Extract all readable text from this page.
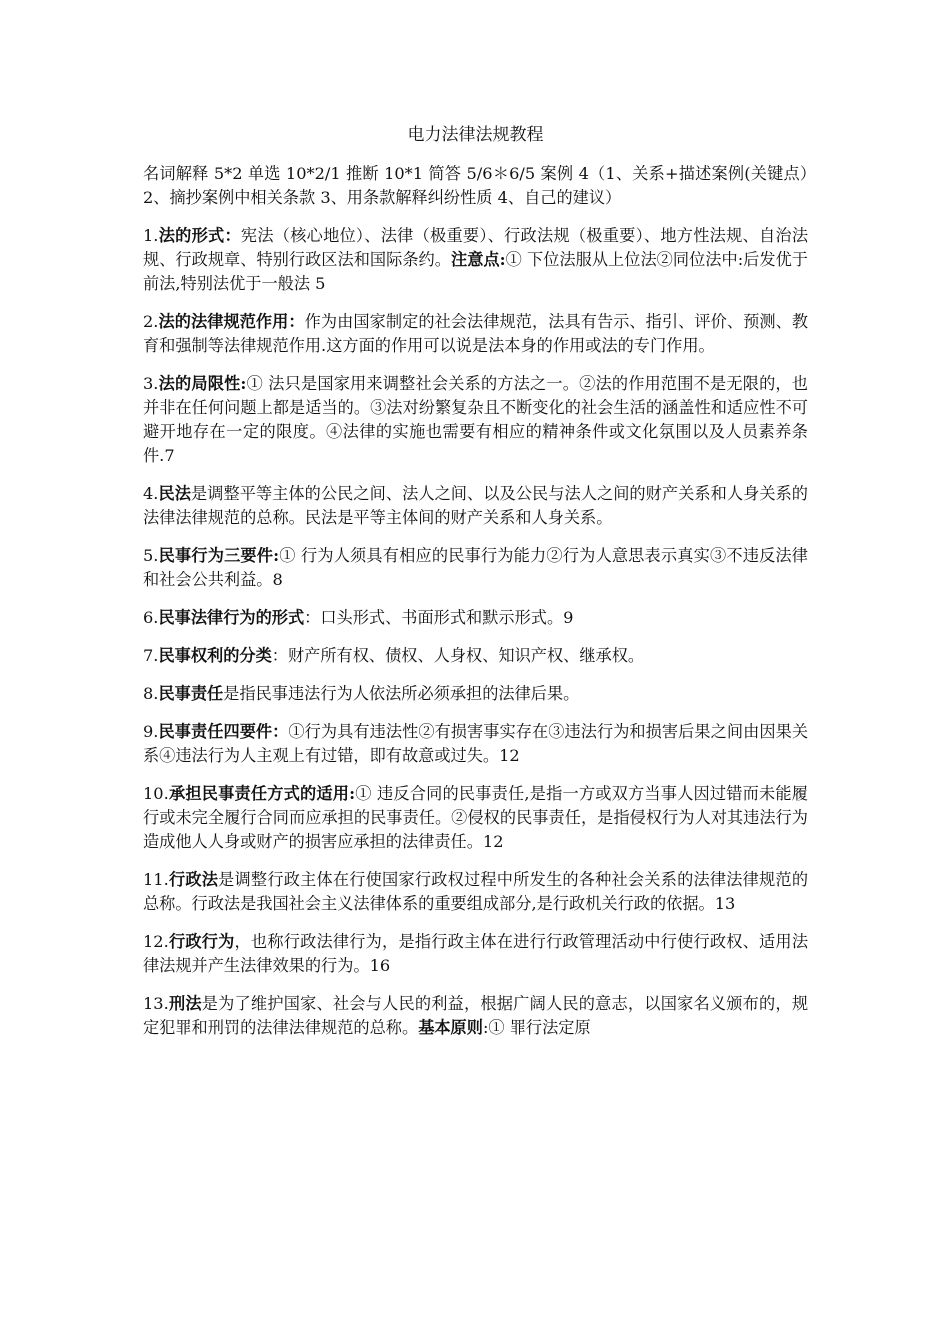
电力法律法规教程

名词解释 5*2 单选 10*2/1 推断 10*1 简答 5/6＊6/5 案例 4（1、关系+描述案例(关键点）2、摘抄案例中相关条款 3、用条款解释纠纷性质 4、自己的建议）

1.法的形式：宪法（核心地位）、法律（极重要）、行政法规（极重要）、地方性法规、自治法规、行政规章、特别行政区法和国际条约。注意点:① 下位法服从上位法②同位法中:后发优于前法,特别法优于一般法 5

2.法的法律规范作用：作为由国家制定的社会法律规范，法具有告示、指引、评价、预测、教育和强制等法律规范作用.这方面的作用可以说是法本身的作用或法的专门作用。

3.法的局限性:① 法只是国家用来调整社会关系的方法之一。②法的作用范围不是无限的，也并非在任何问题上都是适当的。③法对纷繁复杂且不断变化的社会生活的涵盖性和适应性不可避开地存在一定的限度。④法律的实施也需要有相应的精神条件或文化氛围以及人员素养条件.7

4.民法是调整平等主体的公民之间、法人之间、以及公民与法人之间的财产关系和人身关系的法律法律规范的总称。民法是平等主体间的财产关系和人身关系。

5.民事行为三要件:① 行为人须具有相应的民事行为能力②行为人意思表示真实③不违反法律和社会公共利益。8

6.民事法律行为的形式：口头形式、书面形式和默示形式。9

7.民事权利的分类：财产所有权、债权、人身权、知识产权、继承权。

8.民事责任是指民事违法行为人依法所必须承担的法律后果。

9.民事责任四要件：①行为具有违法性②有损害事实存在③违法行为和损害后果之间由因果关系④违法行为人主观上有过错，即有故意或过失。12

10.承担民事责任方式的适用:① 违反合同的民事责任,是指一方或双方当事人因过错而未能履行或未完全履行合同而应承担的民事责任。②侵权的民事责任，是指侵权行为人对其违法行为造成他人人身或财产的损害应承担的法律责任。12

11.行政法是调整行政主体在行使国家行政权过程中所发生的各种社会关系的法律法律规范的总称。行政法是我国社会主义法律体系的重要组成部分,是行政机关行政的依据。13

12.行政行为，也称行政法律行为，是指行政主体在进行行政管理活动中行使行政权、适用法律法规并产生法律效果的行为。16

13.刑法是为了维护国家、社会与人民的利益，根据广阔人民的意志，以国家名义颁布的，规定犯罪和刑罚的法律法律规范的总称。基本原则:① 罪行法定原
